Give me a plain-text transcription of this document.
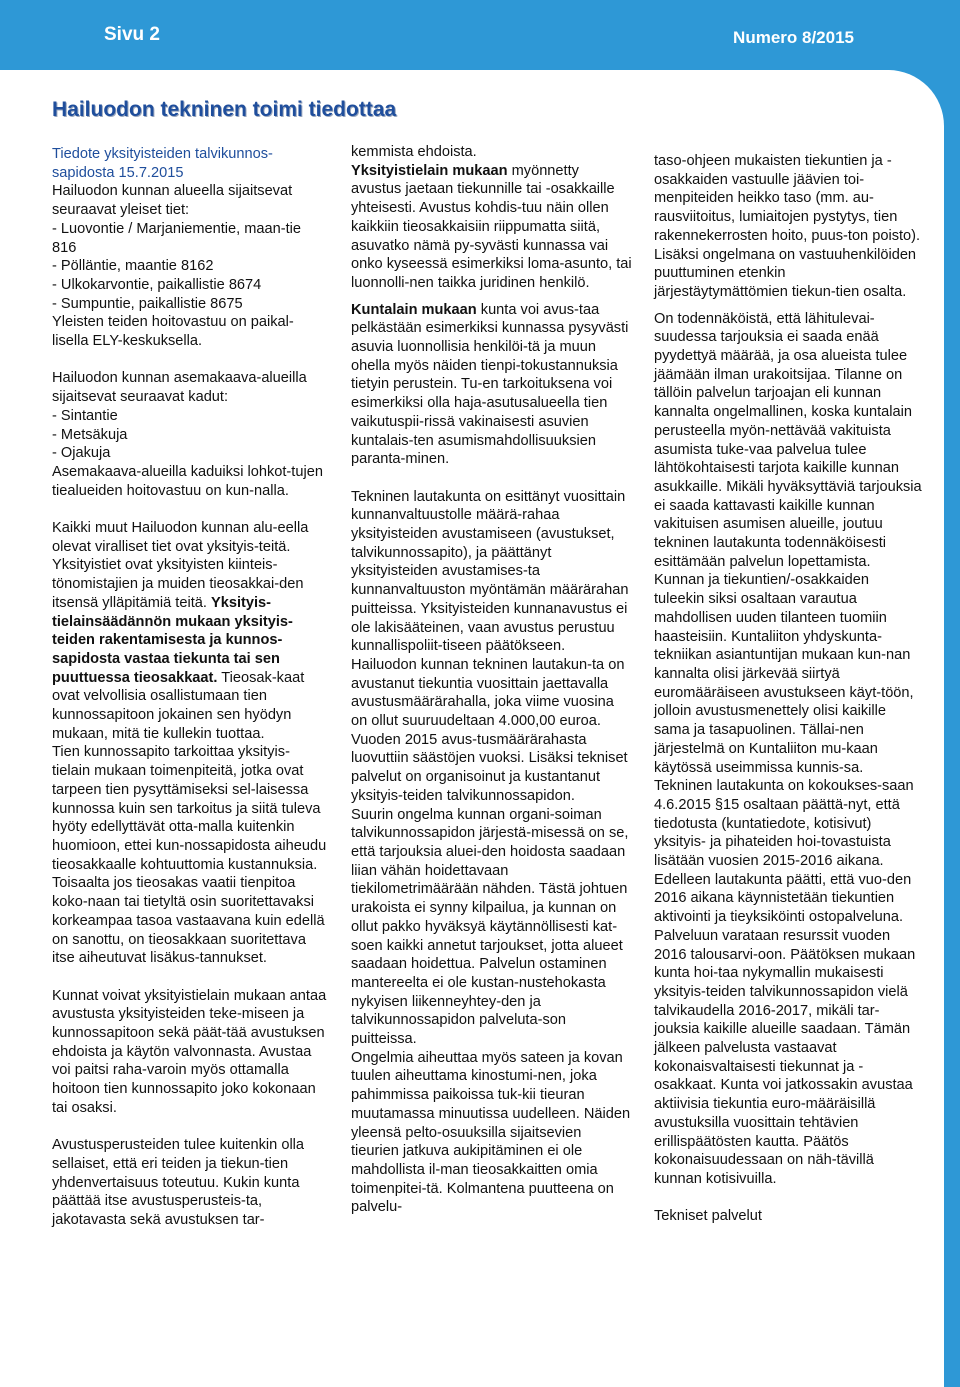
Sivu 2	Numero 8/2015
Hailuodon tekninen toimi tiedottaa

Tiedote yksityisteiden talvikunnos-sapidosta 15.7.2015

Hailuodon kunnan alueella sijaitsevat seuraavat yleiset tiet:

- Luovontie / Marjaniementie, maan-tie 816

- Pölläntie, maantie 8162

- Ulkokarvontie, paikallistie 8674

- Sumpuntie, paikallistie 8675

Yleisten teiden hoitovastuu on paikal-lisella ELY-keskuksella.

Hailuodon kunnan asemakaava-alueilla sijaitsevat seuraavat kadut:

- Sintantie

- Metsäkuja

- Ojakuja

Asemakaava-alueilla kaduiksi lohkot-tujen tiealueiden hoitovastuu on kun-nalla.

Kaikki muut Hailuodon kunnan alu-eella olevat viralliset tiet ovat yksityis-teitä.

Yksityistiet ovat yksityisten kiinteis-tönomistajien ja muiden tieosakkai-den itsensä ylläpitämiä teitä. Yksityis-tielainsäädännön mukaan yksityis-teiden rakentamisesta ja kunnos-sapidosta vastaa tiekunta tai sen puuttuessa tieosakkaat. Tieosak-kaat ovat velvollisia osallistumaan tien kunnossapitoon jokainen sen hyödyn mukaan, mitä tie kullekin tuottaa.

Tien kunnossapito tarkoittaa yksityis-tielain mukaan toimenpiteitä, jotka ovat tarpeen tien pysyttämiseksi sel-laisessa kunnossa kuin sen tarkoitus ja siitä tuleva hyöty edellyttävät otta-malla kuitenkin huomioon, ettei kun-nossapidosta aiheudu tieosakkaalle kohtuuttomia kustannuksia. Toisaalta jos tieosakas vaatii tienpitoa koko-naan tai tietyltä osin suoritettavaksi korkeampaa tasoa vastaavana kuin edellä on sanottu, on tieosakkaan suoritettava itse aiheutuvat lisäkus-tannukset.

Kunnat voivat yksityistielain mukaan antaa avustusta yksityisteiden teke-miseen ja kunnossapitoon sekä päät-tää avustuksen ehdoista ja käytön valvonnasta. Avustaa voi paitsi raha-varoin myös ottamalla hoitoon tien kunnossapito joko kokonaan tai osaksi.

Avustusperusteiden tulee kuitenkin olla sellaiset, että eri teiden ja tiekun-tien yhdenvertaisuus toteutuu. Kukin kunta päättää itse avustusperusteis-ta, jakotavasta sekä avustuksen tar-

kemmista ehdoista.

Yksityistielain mukaan myönnetty avustus jaetaan tiekunnille tai -osakkaille yhteisesti. Avustus kohdis-tuu näin ollen kaikkiin tieosakkaisiin riippumatta siitä, asuvatko nämä py-syvästi kunnassa vai onko kyseessä esimerkiksi loma-asunto, tai luonnolli-nen taikka juridinen henkilö.

Kuntalain mukaan kunta voi avus-taa pelkästään esimerkiksi kunnassa pysyvästi asuvia luonnollisia henkilöi-tä ja muun ohella myös näiden tienpi-tokustannuksia tietyin perustein. Tu-en tarkoituksena voi esimerkiksi olla haja-asutusalueella tien vaikutuspii-rissä vakinaisesti asuvien kuntalais-ten asumismahdollisuuksien paranta-minen.

Tekninen lautakunta on esittänyt vuosittain kunnanvaltuustolle määrä-rahaa yksityisteiden avustamiseen (avustukset, talvikunnossapito), ja päättänyt yksityisteiden avustamises-ta kunnanvaltuuston myöntämän määrärahan puitteissa. Yksityisteiden kunnanavustus ei ole lakisääteinen, vaan avustus perustuu kunnallispoliit-tiseen päätökseen.

Hailuodon kunnan tekninen lautakun-ta on avustanut tiekuntia vuosittain jaettavalla avustusmäärärahalla, joka viime vuosina on ollut suuruudeltaan 4.000,00 euroa. Vuoden 2015 avus-tusmäärärahasta luovuttiin säästöjen vuoksi. Lisäksi tekniset palvelut on organisoinut ja kustantanut yksityis-teiden talvikunnossapidon.

Suurin ongelma kunnan organi-soiman talvikunnossapidon järjestä-misessä on se, että tarjouksia aluei-den hoidosta saadaan liian vähän hoidettavaan tiekilometrimäärään nähden. Tästä johtuen urakoista ei synny kilpailua, ja kunnan on ollut pakko hyväksyä käytännöllisesti kat-soen kaikki annetut tarjoukset, jotta alueet saadaan hoidettua. Palvelun ostaminen mantereelta ei ole kustan-nustehokasta nykyisen liikenneyhtey-den ja talvikunnossapidon palveluta-son puitteissa.

Ongelmia aiheuttaa myös sateen ja kovan tuulen aiheuttama kinostumi-nen, joka pahimmissa paikoissa tuk-kii tieuran muutamassa minuutissa uudelleen. Näiden yleensä pelto-osuuksilla sijaitsevien tieurien jatkuva aukipitäminen ei ole mahdollista il-man tieosakkaitten omia toimenpitei-tä. Kolmantena puutteena on palvelu-

taso-ohjeen mukaisten tiekuntien ja -osakkaiden vastuulle jäävien toi-menpiteiden heikko taso (mm. au-rausviitoitus, lumiaitojen pystytys, tien rakennekerrosten hoito, puus-ton poisto). Lisäksi ongelmana on vastuuhenkilöiden puuttuminen etenkin järjestäytymättömien tiekun-tien osalta.

On todennäköistä, että lähitulevai-suudessa tarjouksia ei saada enää pyydettyä määrää, ja osa alueista tulee jäämään ilman urakoitsijaa. Tilanne on tällöin palvelun tarjoajan eli kunnan kannalta ongelmallinen, koska kuntalain perusteella myön-nettävää vakituista asumista tuke-vaa palvelua tulee lähtökohtaisesti tarjota kaikille kunnan asukkaille. Mikäli hyväksyttäviä tarjouksia ei saada kattavasti kaikille kunnan vakituisen asumisen alueille, joutuu tekninen lautakunta todennäköisesti esittämään palvelun lopettamista. Kunnan ja tiekuntien/-osakkaiden tuleekin siksi osaltaan varautua mahdollisen uuden tilanteen tuomiin haasteisiin. Kuntaliiton yhdyskunta-tekniikan asiantuntijan mukaan kun-nan kannalta olisi järkevää siirtyä euromääräiseen avustukseen käyt-töön, jolloin avustusmenettely olisi kaikille sama ja tasapuolinen. Tällai-nen järjestelmä on Kuntaliiton mu-kaan käytössä useimmissa kunnis-sa.

Tekninen lautakunta on kokoukses-saan 4.6.2015 §15 osaltaan päättä-nyt, että tiedotusta (kuntatiedote, kotisivut) yksityis- ja pihateiden hoi-tovastuista lisätään vuosien 2015-2016 aikana.

Edelleen lautakunta päätti, että vuo-den 2016 aikana käynnistetään tiekuntien aktivointi ja tieyksiköinti ostopalveluna. Palveluun varataan resurssit vuoden 2016 talousarvi-oon. Päätöksen mukaan kunta hoi-taa nykymallin mukaisesti yksityis-teiden talvikunnossapidon vielä talvikaudella 2016-2017, mikäli tar-jouksia kaikille alueille saadaan. Tämän jälkeen palvelusta vastaavat kokonaisvaltaisesti tiekunnat ja -osakkaat. Kunta voi jatkossakin avustaa aktiivisia tiekuntia euro-määräisillä avustuksilla vuosittain tehtävien erillispäätösten kautta. Päätös kokonaisuudessaan on näh-tävillä kunnan kotisivuilla.

Tekniset palvelut
